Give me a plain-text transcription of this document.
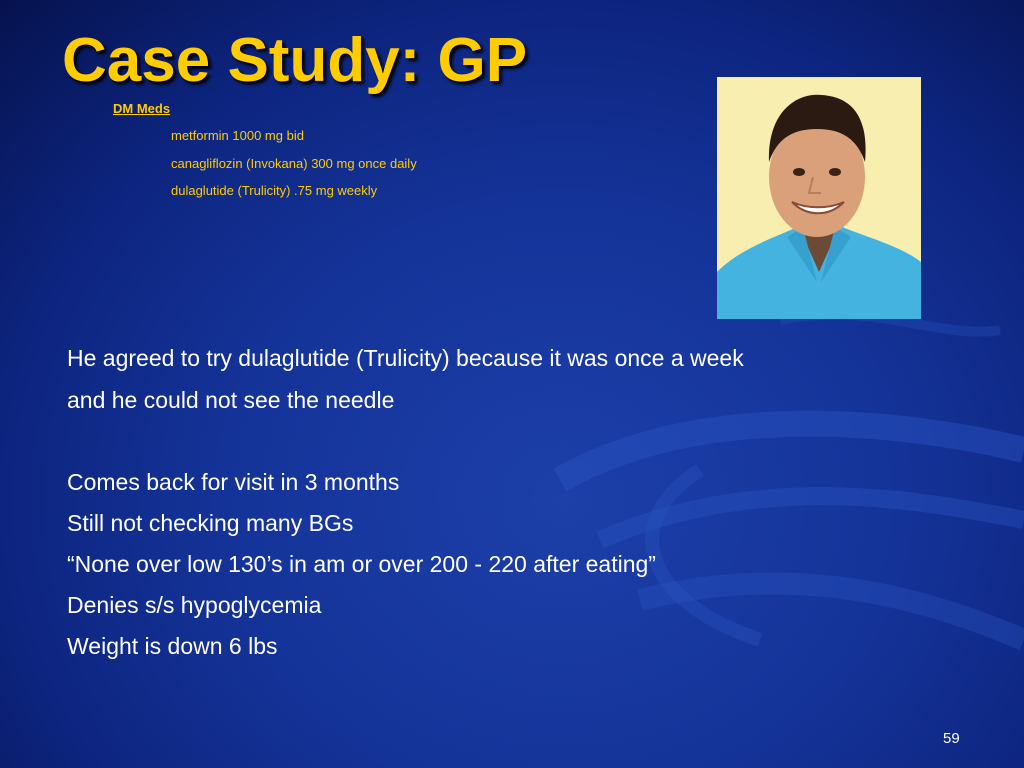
Case Study: GP
DM Meds
metformin 1000 mg bid
canagliflozin (Invokana) 300 mg once daily
dulaglutide (Trulicity) .75 mg weekly
He agreed to try dulaglutide (Trulicity) because it was once a week
and he could not see the needle
Comes back for visit in 3 months
Still not checking many BGs
“None over low 130’s in am or over 200 - 220 after eating”
Denies s/s hypoglycemia
Weight is down 6 lbs
59
